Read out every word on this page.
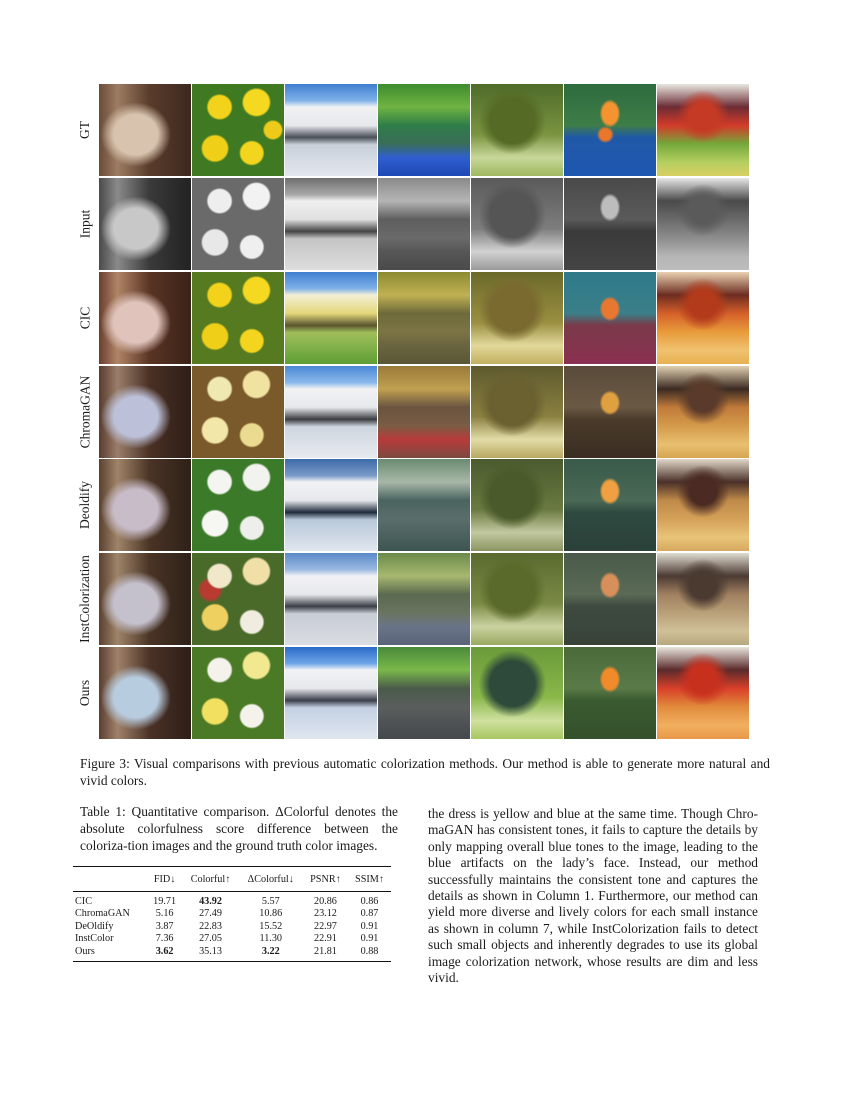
GT
Input
CIC
ChromaGAN
Deoldify
InstColorization
Ours
Figure 3: Visual comparisons with previous automatic colorization methods. Our method is able to generate more natural and vivid colors.
Table 1: Quantitative comparison. ΔColorful denotes the absolute colorfulness score difference between the coloriza-tion images and the ground truth color images.
	FID↓	Colorful↑	ΔColorful↓	PSNR↑	SSIM↑
CIC	19.71	43.92	5.57	20.86	0.86
ChromaGAN	5.16	27.49	10.86	23.12	0.87
DeOldify	3.87	22.83	15.52	22.97	0.91
InstColor	7.36	27.05	11.30	22.91	0.91
Ours	3.62	35.13	3.22	21.81	0.88
the dress is yellow and blue at the same time. Though Chro-maGAN has consistent tones, it fails to capture the details by only mapping overall blue tones to the image, leading to the blue artifacts on the lady’s face. Instead, our method successfully maintains the consistent tone and captures the details as shown in Column 1. Furthermore, our method can yield more diverse and lively colors for each small instance as shown in column 7, while InstColorization fails to detect such small objects and inherently degrades to use its global image colorization network, whose results are dim and less vivid.
